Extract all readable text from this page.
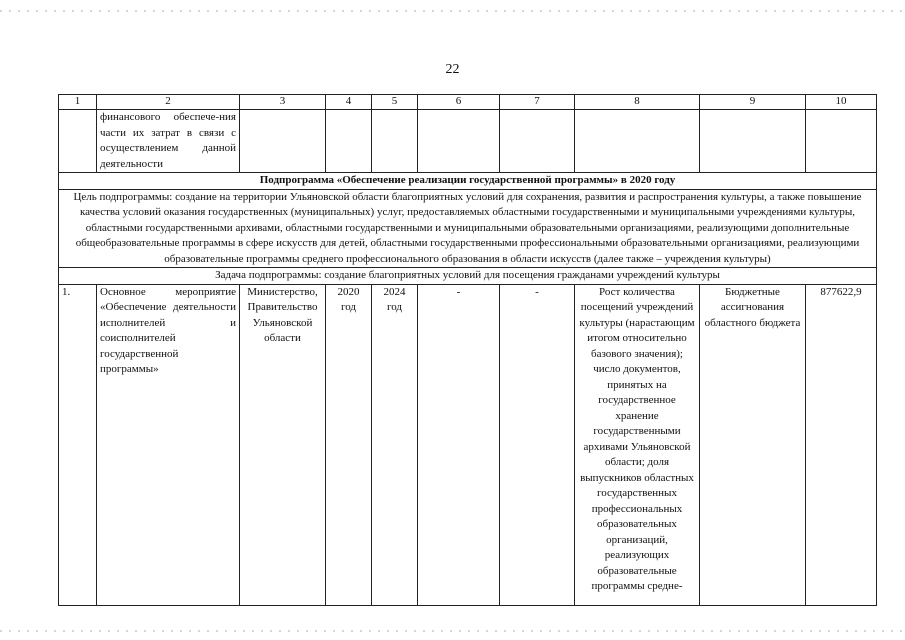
22
1	2	3	4	5	6	7	8	9	10
	финансового обеспече-ния части их затрат в связи с осуществлением данной деятельности								
Подпрограмма «Обеспечение реализации государственной программы» в 2020 году									
Цель подпрограммы: создание на территории Ульяновской области благоприятных условий для сохранения, развития и распространения культуры, а также повышение качества условий оказания государственных (муниципальных) услуг, предоставляемых областными государственными и муниципальными учреждениями культуры, областными государственными архивами, областными государственными и муниципальными образовательными организациями, реализующими дополнительные общеобразовательные программы в сфере искусств для детей, областными государственными профессиональными образовательными организациями, реализующими образовательные программы среднего профессионального образования в области искусств (далее также – учреждения культуры)									
Задача подпрограммы: создание благоприятных условий для посещения гражданами учреждений культуры									
1.	Основное мероприятие «Обеспечение деятельности исполнителей и соисполнителей государственной программы»	Министерство, Правительство Ульяновской области	2020 год	2024 год	-	-	Рост количества посещений учреждений культуры (нарастающим итогом относительно базового значения); число документов, принятых на государственное хранение государственными архивами Ульяновской области; доля выпускников областных государственных профессиональных образовательных организаций, реализующих образовательные программы средне-	Бюджетные ассигнования областного бюджета	877622,9
